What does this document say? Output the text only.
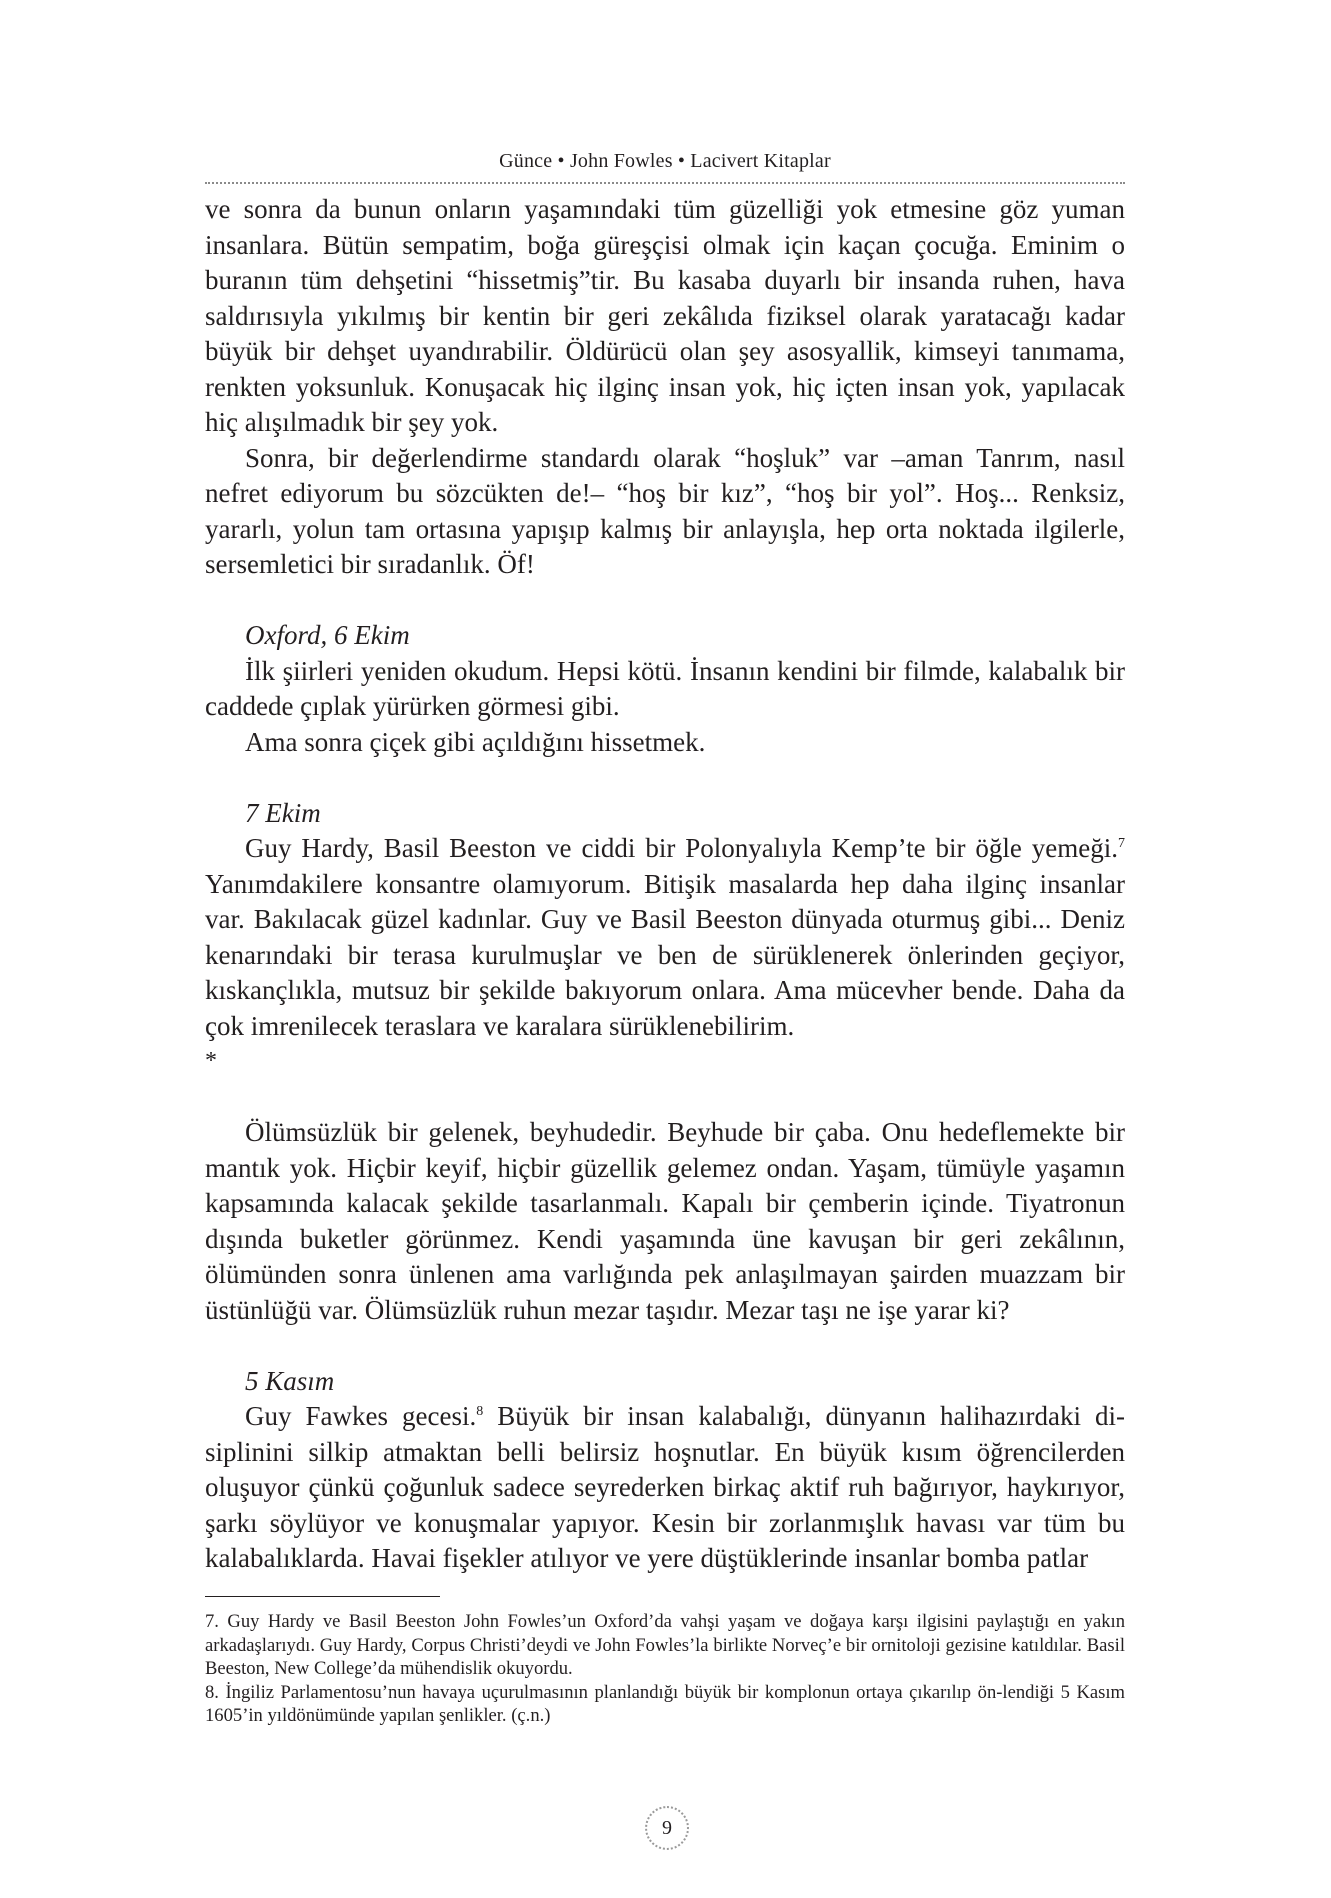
Günce • John Fowles • Lacivert Kitaplar

ve sonra da bunun onların yaşamındaki tüm güzelliği yok etmesine göz yuman insanlara. Bütün sempatim, boğa güreşçisi olmak için kaçan çocuğa. Eminim o buranın tüm dehşetini “hissetmiş”tir. Bu kasaba duyarlı bir insanda ruhen, hava saldırısıyla yıkılmış bir kentin bir geri zekâlıda fiziksel olarak yaratacağı kadar büyük bir dehşet uyandırabilir. Öldürücü olan şey asosyallik, kimseyi tanımama, renkten yoksunluk. Konuşacak hiç ilginç insan yok, hiç içten insan yok, yapılacak hiç alışılmadık bir şey yok.

Sonra, bir değerlendirme standardı olarak “hoşluk” var –aman Tanrım, nasıl nefret ediyorum bu sözcükten de!– “hoş bir kız”, “hoş bir yol”. Hoş... Renksiz, yararlı, yolun tam ortasına yapışıp kalmış bir anlayışla, hep orta noktada ilgilerle, sersemletici bir sıradanlık. Öf!

Oxford, 6 Ekim

İlk şiirleri yeniden okudum. Hepsi kötü. İnsanın kendini bir filmde, kalabalık bir caddede çıplak yürürken görmesi gibi.

Ama sonra çiçek gibi açıldığını hissetmek.

7 Ekim

Guy Hardy, Basil Beeston ve ciddi bir Polonyalıyla Kemp’te bir öğle yemeği.$^7$ Yanımdakilere konsantre olamıyorum. Bitişik masalarda hep daha ilginç insanlar var. Bakılacak güzel kadınlar. Guy ve Basil Beeston dünyada oturmuş gibi... Deniz kenarındaki bir terasa kurulmuşlar ve ben de sürüklenerek önlerinden geçiyor, kıskançlıkla, mutsuz bir şekilde bakıyorum onlara. Ama mücevher bende. Daha da çok imrenilecek teraslara ve karalara sürüklenebilirim.

*

Ölümsüzlük bir gelenek, beyhudedir. Beyhude bir çaba. Onu hedeflemekte bir mantık yok. Hiçbir keyif, hiçbir güzellik gelemez ondan. Yaşam, tümüyle yaşamın kapsamında kalacak şekilde tasarlanmalı. Kapalı bir çemberin içinde. Tiyatronun dışında buketler görünmez. Kendi yaşamında üne kavuşan bir geri zekâlının, ölümünden sonra ünlenen ama varlığında pek anlaşılmayan şairden muazzam bir üstünlüğü var. Ölümsüzlük ruhun mezar taşıdır. Mezar taşı ne işe yarar ki?

5 Kasım

Guy Fawkes gecesi.$^8$ Büyük bir insan kalabalığı, dünyanın halihazırdaki di-siplinini silkip atmaktan belli belirsiz hoşnutlar. En büyük kısım öğrencilerden oluşuyor çünkü çoğunluk sadece seyrederken birkaç aktif ruh bağırıyor, haykırıyor, şarkı söylüyor ve konuşmalar yapıyor. Kesin bir zorlanmışlık havası var tüm bu kalabalıklarda. Havai fişekler atılıyor ve yere düştüklerinde insanlar bomba patlar

7. Guy Hardy ve Basil Beeston John Fowles’un Oxford’da vahşi yaşam ve doğaya karşı ilgisini paylaştığı en yakın arkadaşlarıydı. Guy Hardy, Corpus Christi’deydi ve John Fowles’la birlikte Norveç’e bir ornitoloji gezisine katıldılar. Basil Beeston, New College’da mühendislik okuyordu.

8. İngiliz Parlamentosu’nun havaya uçurulmasının planlandığı büyük bir komplonun ortaya çıkarılıp ön-lendiği 5 Kasım 1605’in yıldönümünde yapılan şenlikler. (ç.n.)

9
